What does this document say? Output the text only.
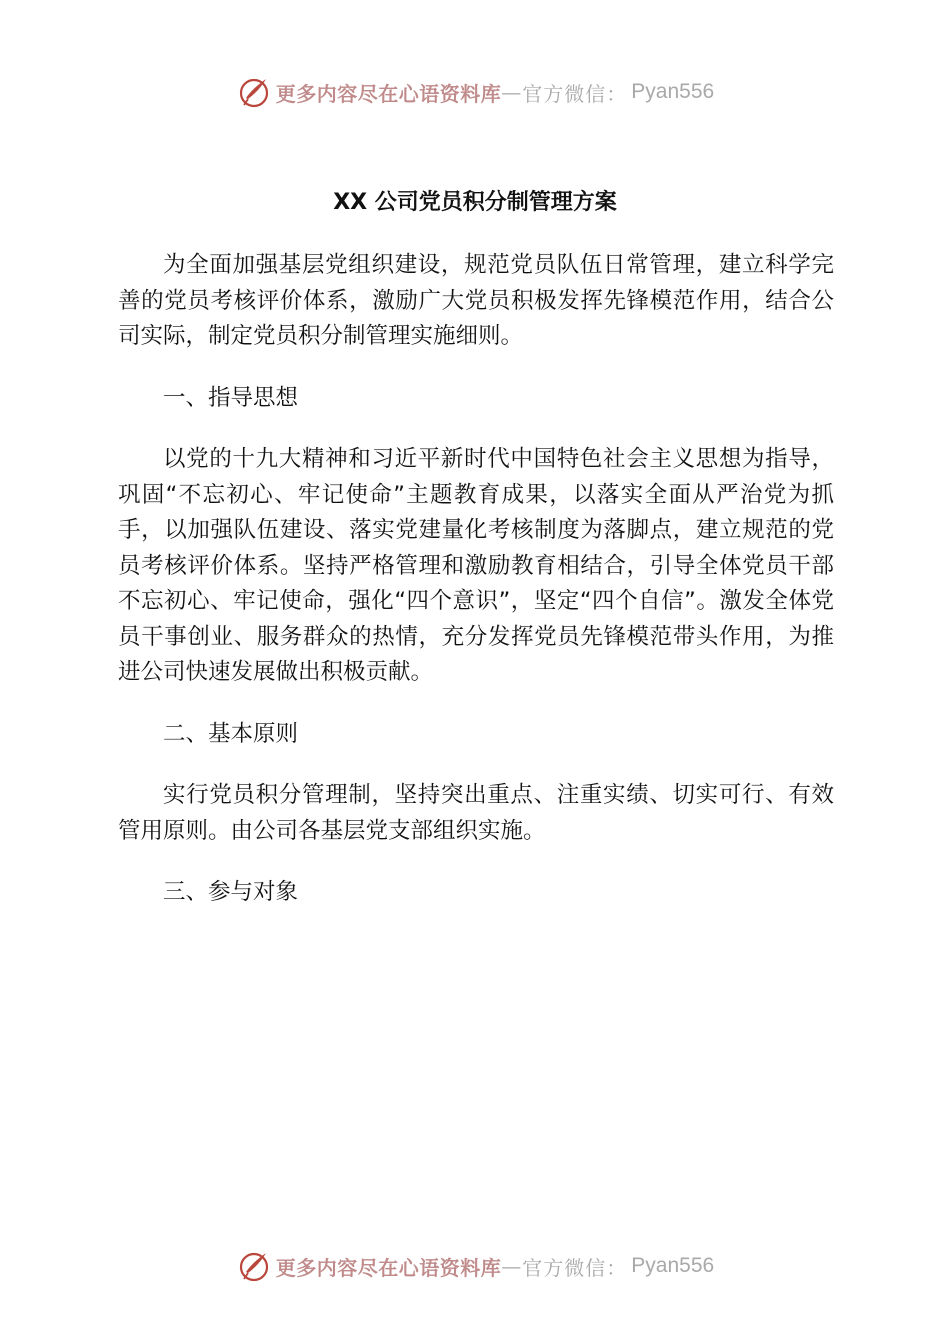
更多内容尽在心语资料库 — 官方微信： Pyan556
XX 公司党员积分制管理方案

为全面加强基层党组织建设，规范党员队伍日常管理，建立科学完善的党员考核评价体系，激励广大党员积极发挥先锋模范作用，结合公司实际，制定党员积分制管理实施细则。

一、指导思想

以党的十九大精神和习近平新时代中国特色社会主义思想为指导，巩固“不忘初心、牢记使命”主题教育成果，以落实全面从严治党为抓手，以加强队伍建设、落实党建量化考核制度为落脚点，建立规范的党员考核评价体系。坚持严格管理和激励教育相结合，引导全体党员干部不忘初心、牢记使命，强化“四个意识”，坚定“四个自信”。激发全体党员干事创业、服务群众的热情，充分发挥党员先锋模范带头作用，为推进公司快速发展做出积极贡献。

二、基本原则

实行党员积分管理制，坚持突出重点、注重实绩、切实可行、有效管用原则。由公司各基层党支部组织实施。

三、参与对象

更多内容尽在心语资料库 — 官方微信： Pyan556
